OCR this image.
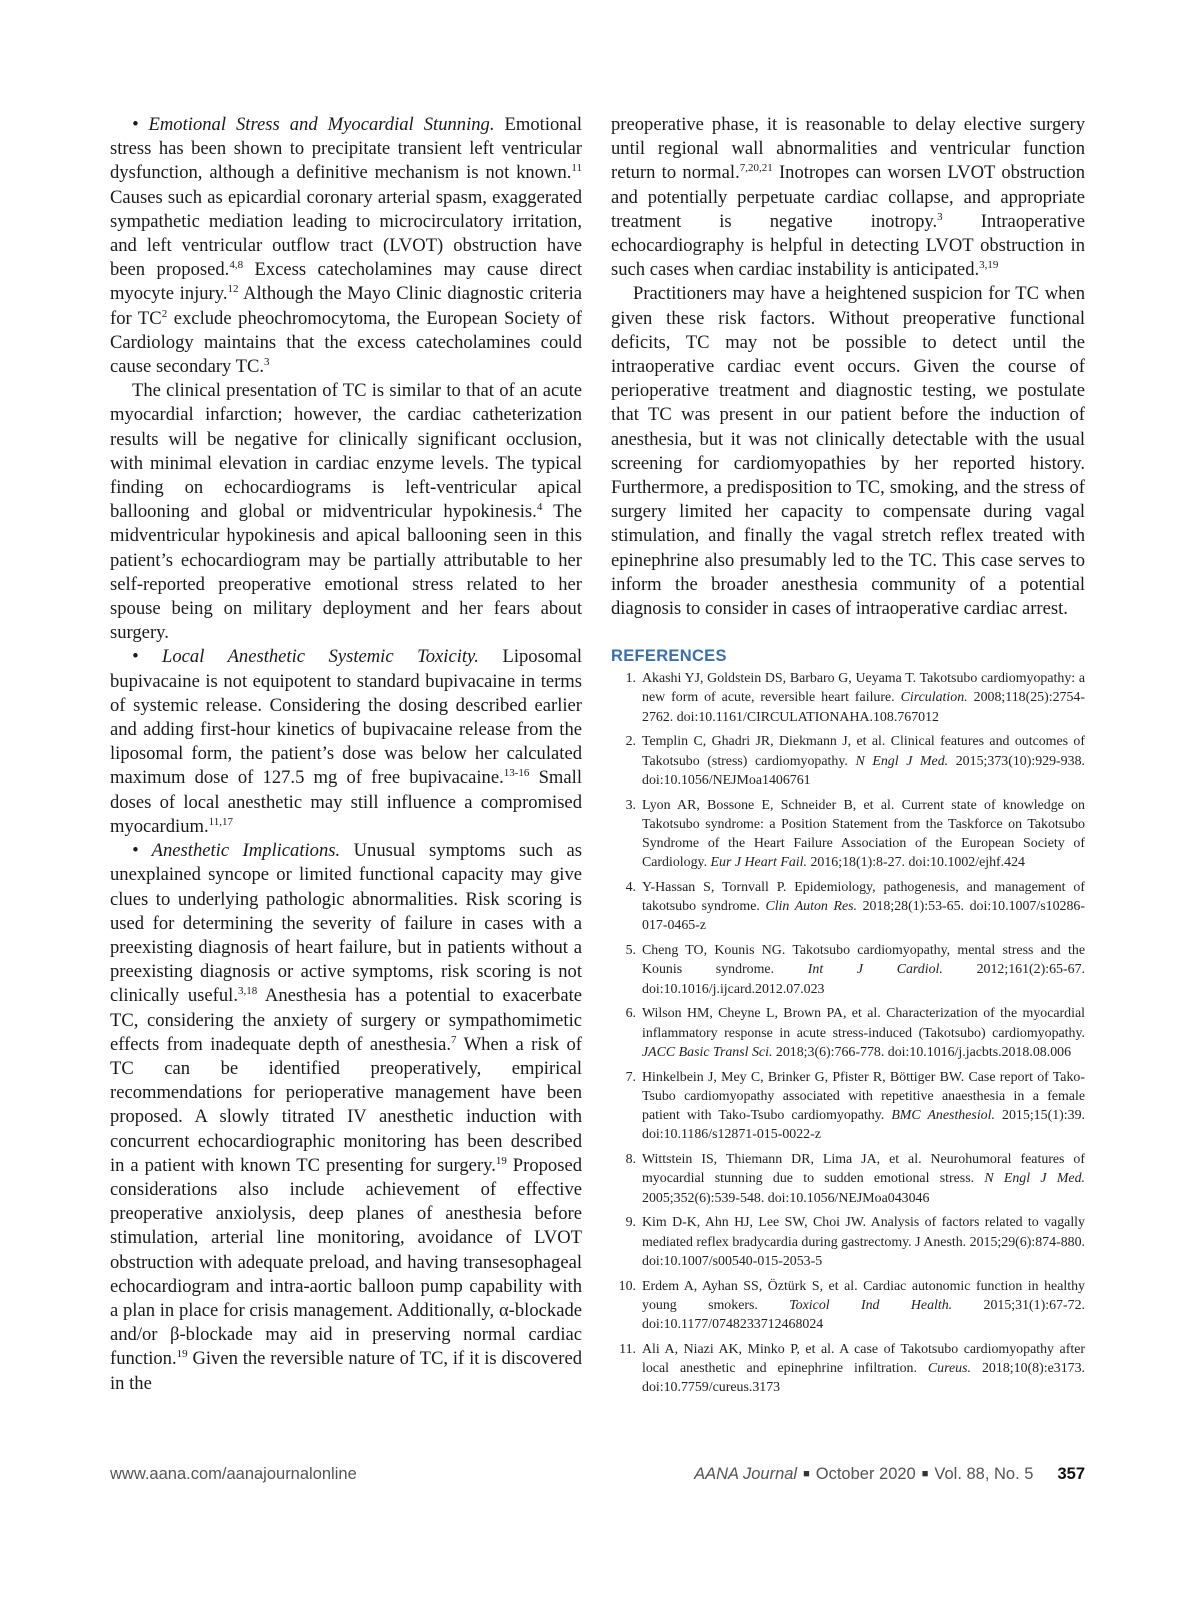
• Emotional Stress and Myocardial Stunning. Emotional stress has been shown to precipitate transient left ventricular dysfunction, although a definitive mechanism is not known.$^{11}$ Causes such as epicardial coronary arterial spasm, exaggerated sympathetic mediation leading to microcirculatory irritation, and left ventricular outflow tract (LVOT) obstruction have been proposed.$^{4,8}$ Excess catecholamines may cause direct myocyte injury.$^{12}$ Although the Mayo Clinic diagnostic criteria for $TC^2$ exclude pheochromocytoma, the European Society of Cardiology maintains that the excess catecholamines could cause secondary TC.$^3$

The clinical presentation of TC is similar to that of an acute myocardial infarction; however, the cardiac catheterization results will be negative for clinically significant occlusion, with minimal elevation in cardiac enzyme levels. The typical finding on echocardiograms is left-ventricular apical ballooning and global or midventricular hypokinesis.$^4$ The midventricular hypokinesis and apical ballooning seen in this patient’s echocardiogram may be partially attributable to her self-reported preoperative emotional stress related to her spouse being on military deployment and her fears about surgery.

• Local Anesthetic Systemic Toxicity. Liposomal bupivacaine is not equipotent to standard bupivacaine in terms of systemic release. Considering the dosing described earlier and adding first-hour kinetics of bupivacaine release from the liposomal form, the patient’s dose was below her calculated maximum dose of 127.5 mg of free bupivacaine.$^{13-16}$ Small doses of local anesthetic may still influence a compromised myocardium.$^{11,17}$

• Anesthetic Implications. Unusual symptoms such as unexplained syncope or limited functional capacity may give clues to underlying pathologic abnormalities. Risk scoring is used for determining the severity of failure in cases with a preexisting diagnosis of heart failure, but in patients without a preexisting diagnosis or active symptoms, risk scoring is not clinically useful.$^{3,18}$ Anesthesia has a potential to exacerbate TC, considering the anxiety of surgery or sympathomimetic effects from inadequate depth of anesthesia.$^7$ When a risk of TC can be identified preoperatively, empirical recommendations for perioperative management have been proposed. A slowly titrated IV anesthetic induction with concurrent echocardiographic monitoring has been described in a patient with known TC presenting for surgery.$^{19}$ Proposed considerations also include achievement of effective preoperative anxiolysis, deep planes of anesthesia before stimulation, arterial line monitoring, avoidance of LVOT obstruction with adequate preload, and having transesophageal echocardiogram and intra-aortic balloon pump capability with a plan in place for crisis management. Additionally, α-blockade and/or β-blockade may aid in preserving normal cardiac function.$^{19}$ Given the reversible nature of TC, if it is discovered in the

preoperative phase, it is reasonable to delay elective surgery until regional wall abnormalities and ventricular function return to normal.$^{7,20,21}$ Inotropes can worsen LVOT obstruction and potentially perpetuate cardiac collapse, and appropriate treatment is negative inotropy.$^3$ Intraoperative echocardiography is helpful in detecting LVOT obstruction in such cases when cardiac instability is anticipated.$^{3,19}$

Practitioners may have a heightened suspicion for TC when given these risk factors. Without preoperative functional deficits, TC may not be possible to detect until the intraoperative cardiac event occurs. Given the course of perioperative treatment and diagnostic testing, we postulate that TC was present in our patient before the induction of anesthesia, but it was not clinically detectable with the usual screening for cardiomyopathies by her reported history. Furthermore, a predisposition to TC, smoking, and the stress of surgery limited her capacity to compensate during vagal stimulation, and finally the vagal stretch reflex treated with epinephrine also presumably led to the TC. This case serves to inform the broader anesthesia community of a potential diagnosis to consider in cases of intraoperative cardiac arrest.

REFERENCES
1. Akashi YJ, Goldstein DS, Barbaro G, Ueyama T. Takotsubo cardiomyopathy: a new form of acute, reversible heart failure. Circulation. 2008;118(25):2754-2762. doi:10.1161/CIRCULATIONAHA.108.767012
2. Templin C, Ghadri JR, Diekmann J, et al. Clinical features and outcomes of Takotsubo (stress) cardiomyopathy. N Engl J Med. 2015;373(10):929-938. doi:10.1056/NEJMoa1406761
3. Lyon AR, Bossone E, Schneider B, et al. Current state of knowledge on Takotsubo syndrome: a Position Statement from the Taskforce on Takotsubo Syndrome of the Heart Failure Association of the European Society of Cardiology. Eur J Heart Fail. 2016;18(1):8-27. doi:10.1002/ejhf.424
4. Y-Hassan S, Tornvall P. Epidemiology, pathogenesis, and management of takotsubo syndrome. Clin Auton Res. 2018;28(1):53-65. doi:10.1007/s10286-017-0465-z
5. Cheng TO, Kounis NG. Takotsubo cardiomyopathy, mental stress and the Kounis syndrome. Int J Cardiol. 2012;161(2):65-67. doi:10.1016/j.ijcard.2012.07.023
6. Wilson HM, Cheyne L, Brown PA, et al. Characterization of the myocardial inflammatory response in acute stress-induced (Takotsubo) cardiomyopathy. JACC Basic Transl Sci. 2018;3(6):766-778. doi:10.1016/j.jacbts.2018.08.006
7. Hinkelbein J, Mey C, Brinker G, Pfister R, Böttiger BW. Case report of Tako-Tsubo cardiomyopathy associated with repetitive anaesthesia in a female patient with Tako-Tsubo cardiomyopathy. BMC Anesthesiol. 2015;15(1):39. doi:10.1186/s12871-015-0022-z
8. Wittstein IS, Thiemann DR, Lima JA, et al. Neurohumoral features of myocardial stunning due to sudden emotional stress. N Engl J Med. 2005;352(6):539-548. doi:10.1056/NEJMoa043046
9. Kim D-K, Ahn HJ, Lee SW, Choi JW. Analysis of factors related to vagally mediated reflex bradycardia during gastrectomy. J Anesth. 2015;29(6):874-880. doi:10.1007/s00540-015-2053-5
10. Erdem A, Ayhan SS, Öztürk S, et al. Cardiac autonomic function in healthy young smokers. Toxicol Ind Health. 2015;31(1):67-72. doi:10.1177/0748233712468024
11. Ali A, Niazi AK, Minko P, et al. A case of Takotsubo cardiomyopathy after local anesthetic and epinephrine infiltration. Cureus. 2018;10(8):e3173. doi:10.7759/cureus.3173
www.aana.com/aanajournalonline	AANA Journal ■ October 2020 ■ Vol. 88, No. 5 357
